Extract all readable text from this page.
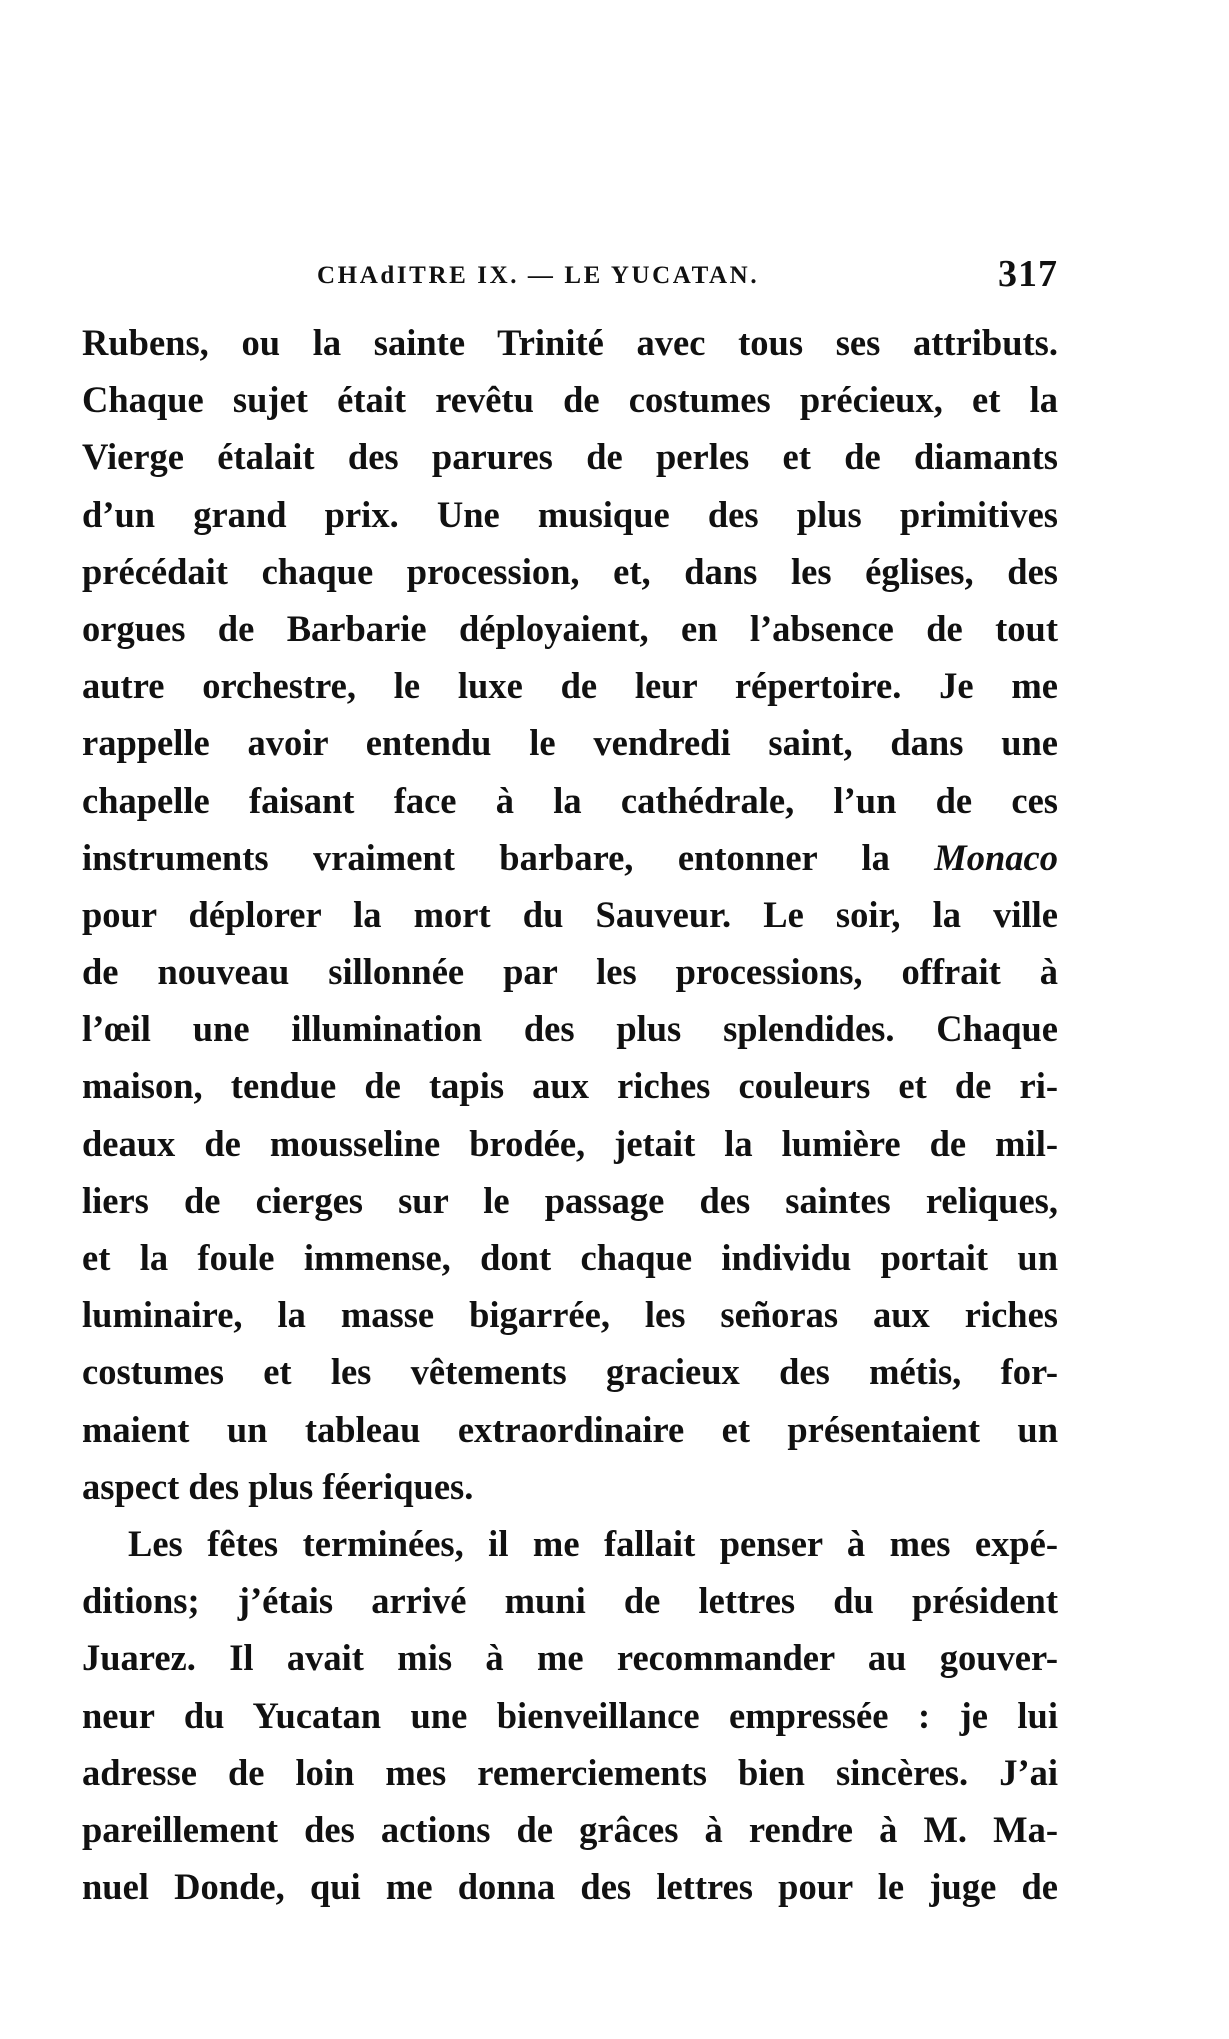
CHAdITRE IX. — LE YUCATAN.	317
Rubens, ou la sainte Trinité avec tous ses attributs.
Chaque sujet était revêtu de costumes précieux, et la
Vierge étalait des parures de perles et de diamants
d’un grand prix. Une musique des plus primitives
précédait chaque procession, et, dans les églises, des
orgues de Barbarie déployaient, en l’absence de tout
autre orchestre, le luxe de leur répertoire. Je me
rappelle avoir entendu le vendredi saint, dans une
chapelle faisant face à la cathédrale, l’un de ces
instruments vraiment barbare, entonner la Monaco
pour déplorer la mort du Sauveur. Le soir, la ville
de nouveau sillonnée par les processions, offrait à
l’œil une illumination des plus splendides. Chaque
maison, tendue de tapis aux riches couleurs et de ri-
deaux de mousseline brodée, jetait la lumière de mil-
liers de cierges sur le passage des saintes reliques,
et la foule immense, dont chaque individu portait un
luminaire, la masse bigarrée, les señoras aux riches
costumes et les vêtements gracieux des métis, for-
maient un tableau extraordinaire et présentaient un
aspect des plus féeriques.
Les fêtes terminées, il me fallait penser à mes expé-
ditions; j’étais arrivé muni de lettres du président
Juarez. Il avait mis à me recommander au gouver-
neur du Yucatan une bienveillance empressée : je lui
adresse de loin mes remerciements bien sincères. J’ai
pareillement des actions de grâces à rendre à M. Ma-
nuel Donde, qui me donna des lettres pour le juge de
